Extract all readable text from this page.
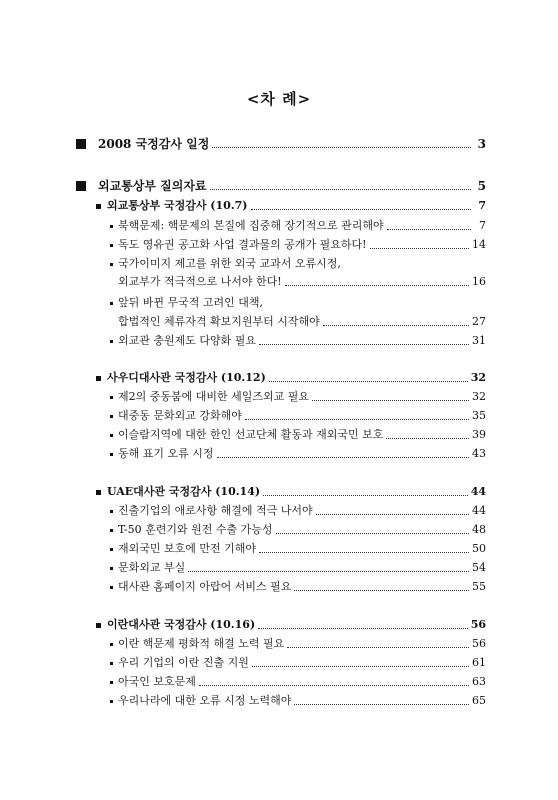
<차 례>
2008 국정감사 일정	3
외교통상부 질의자료	5
외교통상부 국정감사 (10.7)	7
북핵문제: 핵문제의 본질에 집중해 장기적으로 관리해야	7
독도 영유권 공고화 사업 결과물의 공개가 필요하다!	14
국가이미지 제고를 위한 외국 교과서 오류시정,
외교부가 적극적으로 나서야 한다!	16
앞뒤 바뀐 무국적 고려인 대책,
합법적인 체류자격 확보지원부터 시작해야	27
외교관 충원제도 다양화 필요	31
사우디대사관 국정감사 (10.12)	32
제2의 중동붐에 대비한 세일즈외교 필요	32
대중동 문화외교 강화해야	35
이슬람지역에 대한 한인 선교단체 활동과 재외국민 보호	39
동해 표기 오류 시정	43
UAE대사관 국정감사 (10.14)	44
진출기업의 애로사항 해결에 적극 나서야	44
T-50 훈련기와 원전 수출 가능성	48
재외국민 보호에 만전 기해야	50
문화외교 부실	54
대사관 홈페이지 아랍어 서비스 필요	55
이란대사관 국정감사 (10.16)	56
이란 핵문제 평화적 해결 노력 필요	56
우리 기업의 이란 진출 지원	61
아국인 보호문제	63
우리나라에 대한 오류 시정 노력해야	65
